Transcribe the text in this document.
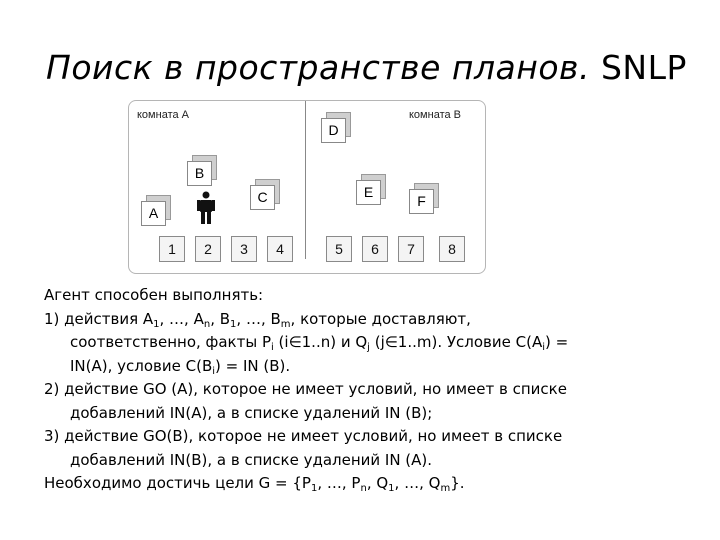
Поиск в пространстве планов. SNLP
комната A	комната B
A
B
C
D
E
F
1	2	3	4	5	6	7	8

Агент способен выполнять:

1) действия $A_1$, …, $A_n$, $B_1$, …, $B_m$, которые доставляют,

соответственно, факты $P_i$ (i∈1..n) и $Q_j$ (j∈1..m). Условие $C(A_i)$ =

IN(A), условие $C(B_i)$ = IN (B).

2) действие GO (A), которое не имеет условий, но имеет в списке

добавлений IN(A), а в списке удалений IN (B);

3) действие GO(B), которое не имеет условий, но имеет в списке

добавлений IN(B), а в списке удалений IN (A).

Необходимо достичь цели $G = \{P_1$, …, $P_n$, $Q_1$, …, $Q_m$}.
